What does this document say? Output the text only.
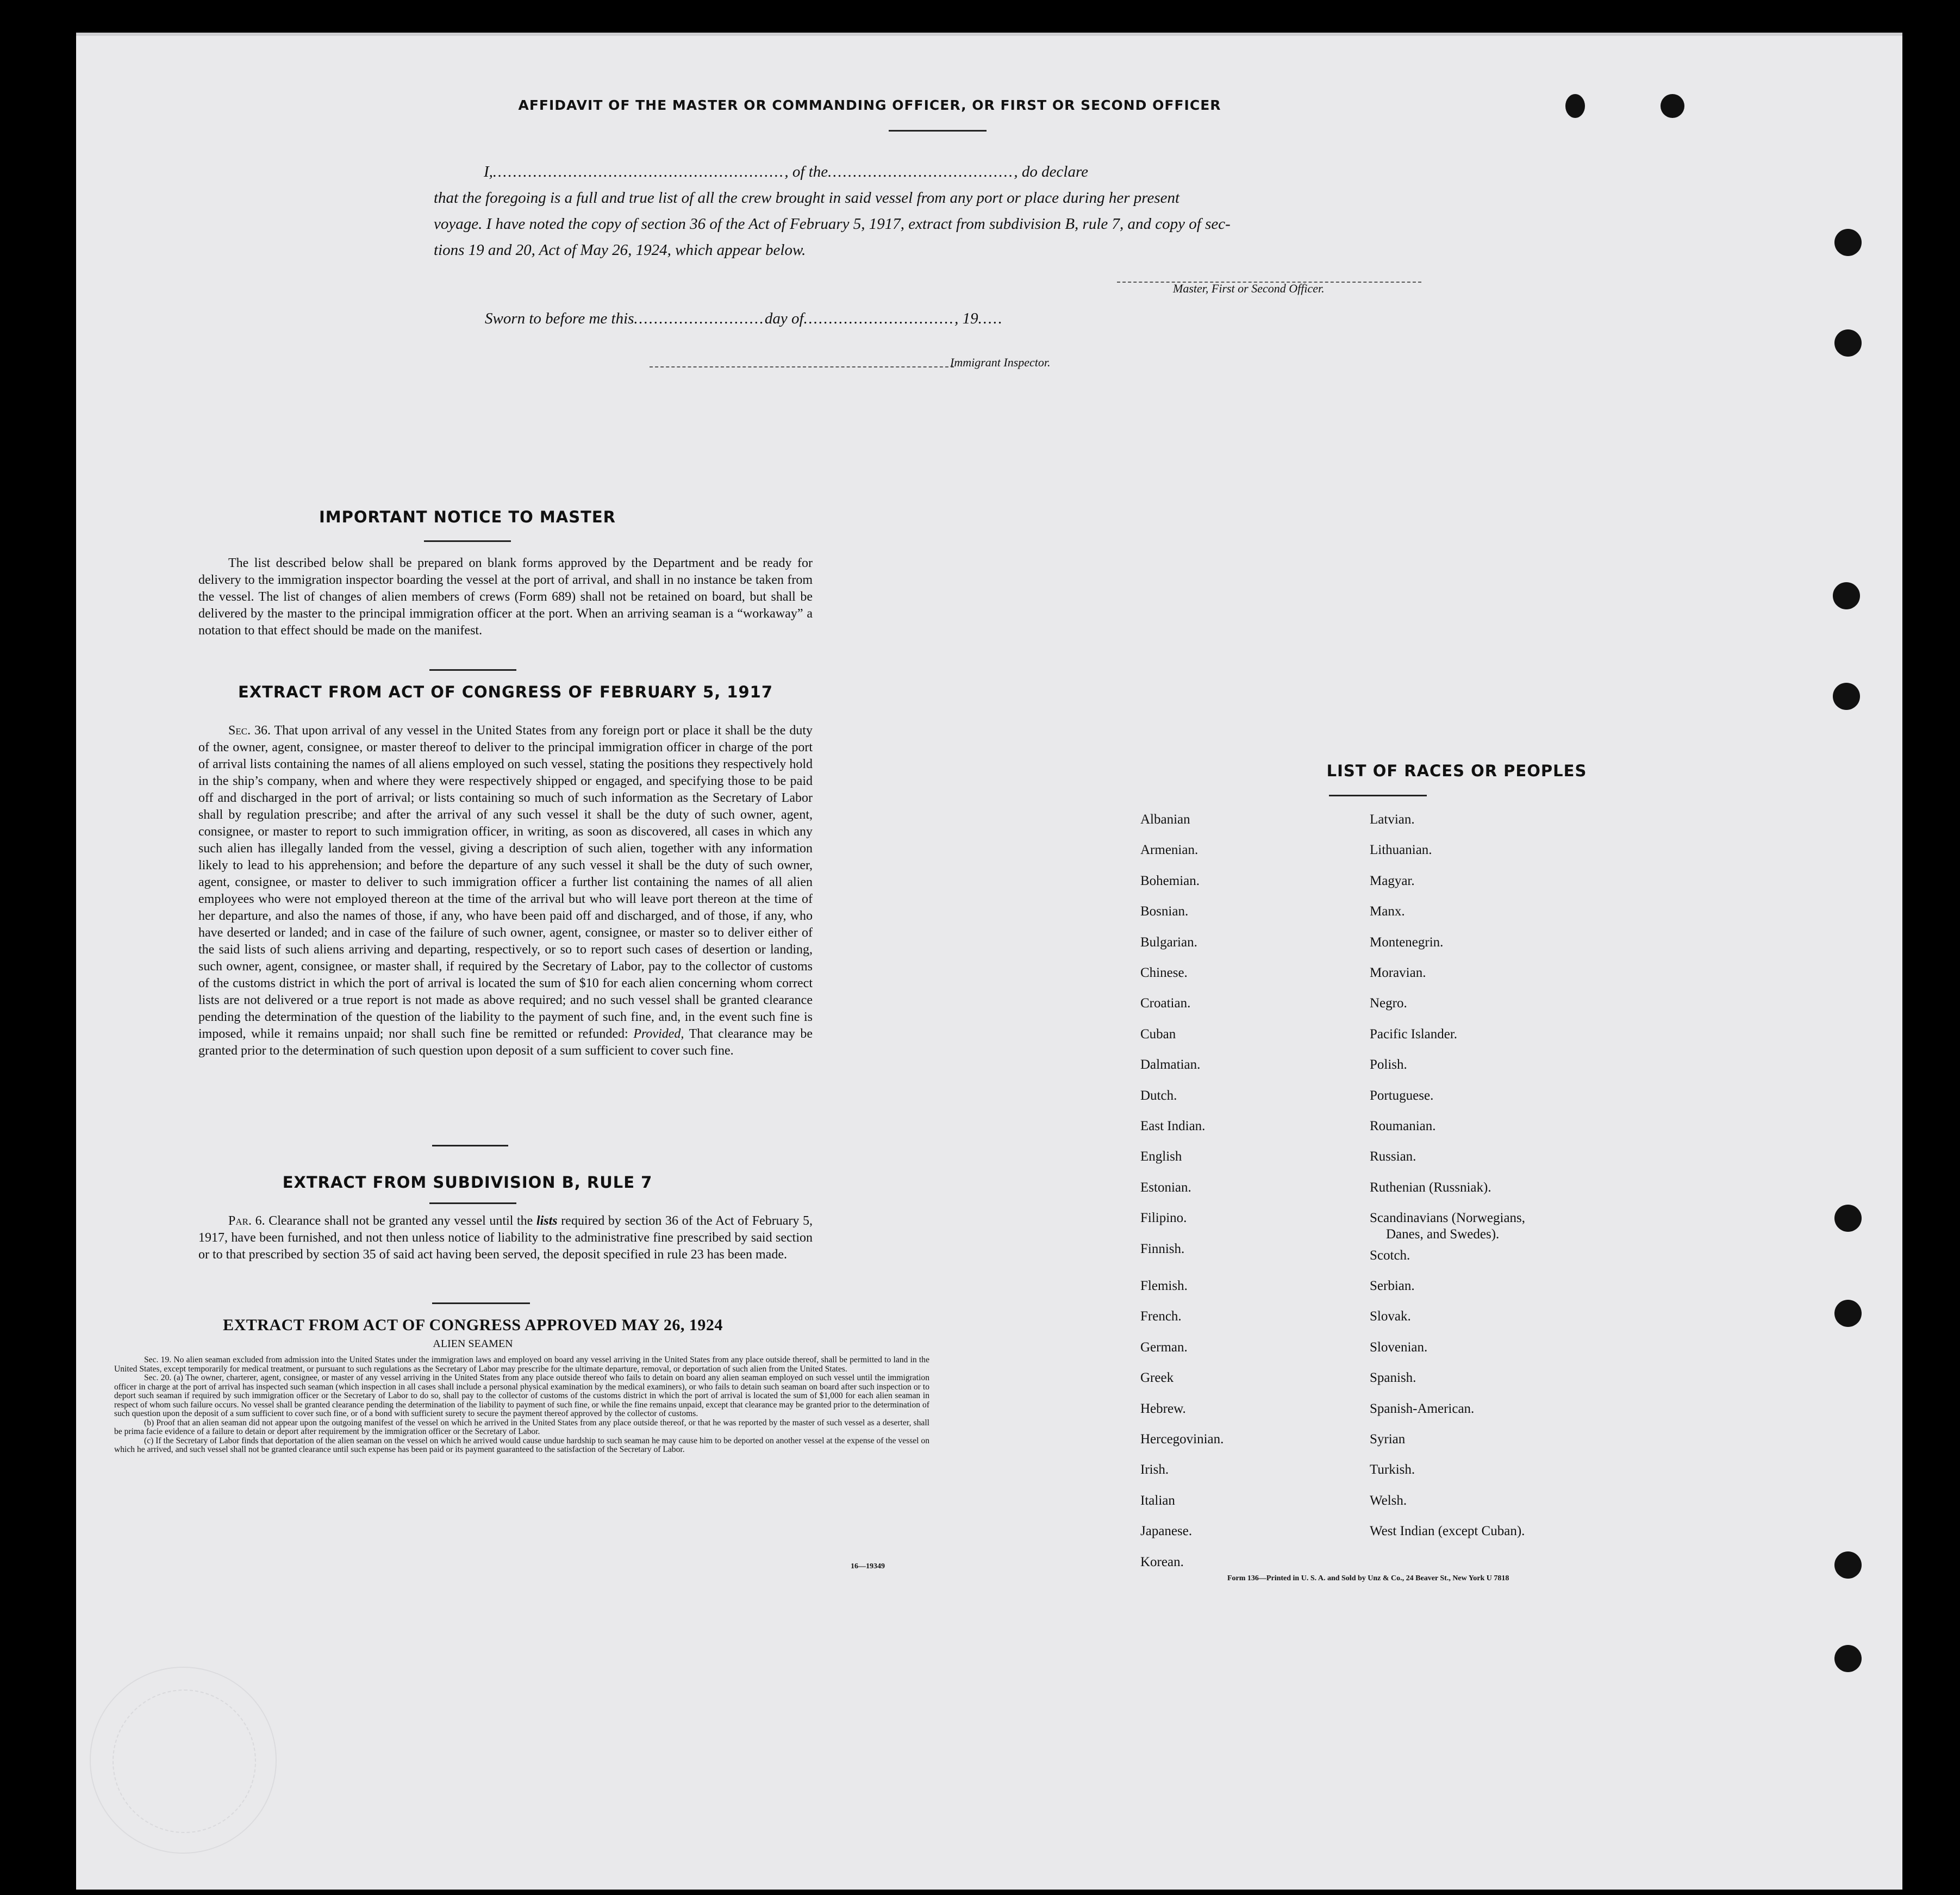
AFFIDAVIT OF THE MASTER OR COMMANDING OFFICER, OR FIRST OR SECOND OFFICER
I,.........................................................., of the....................................., do declare
that the foregoing is a full and true list of all the crew brought in said vessel from any port or place during her present
voyage. I have noted the copy of section 36 of the Act of February 5, 1917, extract from subdivision B, rule 7, and copy of sec-
tions 19 and 20, Act of May 26, 1924, which appear below.
Master, First or Second Officer.
Sworn to before me this..........................day of.............................., 19.....
Immigrant Inspector.
IMPORTANT NOTICE TO MASTER
The list described below shall be prepared on blank forms approved by the Department and be ready for delivery to the immigration inspector boarding the vessel at the port of arrival, and shall in no instance be taken from the vessel. The list of changes of alien members of crews (Form 689) shall not be retained on board, but shall be delivered by the master to the principal immigration officer at the port. When an arriving seaman is a “workaway” a notation to that effect should be made on the manifest.
EXTRACT FROM ACT OF CONGRESS OF FEBRUARY 5, 1917
Sec. 36. That upon arrival of any vessel in the United States from any foreign port or place it shall be the duty of the owner, agent, consignee, or master thereof to deliver to the principal immigration officer in charge of the port of arrival lists containing the names of all aliens employed on such vessel, stating the positions they respectively hold in the ship’s company, when and where they were respectively shipped or engaged, and specifying those to be paid off and discharged in the port of arrival; or lists containing so much of such information as the Secretary of Labor shall by regulation prescribe; and after the arrival of any such vessel it shall be the duty of such owner, agent, consignee, or master to report to such immigration officer, in writing, as soon as discovered, all cases in which any such alien has illegally landed from the vessel, giving a description of such alien, together with any information likely to lead to his apprehension; and before the departure of any such vessel it shall be the duty of such owner, agent, consignee, or master to deliver to such immigration officer a further list containing the names of all alien employees who were not employed thereon at the time of the arrival but who will leave port thereon at the time of her departure, and also the names of those, if any, who have been paid off and discharged, and of those, if any, who have deserted or landed; and in case of the failure of such owner, agent, consignee, or master so to deliver either of the said lists of such aliens arriving and departing, respectively, or so to report such cases of desertion or landing, such owner, agent, consignee, or master shall, if required by the Secretary of Labor, pay to the collector of customs of the customs district in which the port of arrival is located the sum of $10 for each alien concerning whom correct lists are not delivered or a true report is not made as above required; and no such vessel shall be granted clearance pending the determination of the question of the liability to the payment of such fine, and, in the event such fine is imposed, while it remains unpaid; nor shall such fine be remitted or refunded: Provided, That clearance may be granted prior to the determination of such question upon deposit of a sum sufficient to cover such fine.
EXTRACT FROM SUBDIVISION B, RULE 7
Par. 6. Clearance shall not be granted any vessel until the lists required by section 36 of the Act of February 5, 1917, have been furnished, and not then unless notice of liability to the administrative fine prescribed by said section or to that prescribed by section 35 of said act having been served, the deposit specified in rule 23 has been made.
EXTRACT FROM ACT OF CONGRESS APPROVED MAY 26, 1924
ALIEN SEAMEN
Sec. 19. No alien seaman excluded from admission into the United States under the immigration laws and employed on board any vessel arriving in the United States from any place outside thereof, shall be permitted to land in the United States, except temporarily for medical treatment, or pursuant to such regulations as the Secretary of Labor may prescribe for the ultimate departure, removal, or deportation of such alien from the United States.
Sec. 20. (a) The owner, charterer, agent, consignee, or master of any vessel arriving in the United States from any place outside thereof who fails to detain on board any alien seaman employed on such vessel until the immigration officer in charge at the port of arrival has inspected such seaman (which inspection in all cases shall include a personal physical examination by the medical examiners), or who fails to detain such seaman on board after such inspection or to deport such seaman if required by such immigration officer or the Secretary of Labor to do so, shall pay to the collector of customs of the customs district in which the port of arrival is located the sum of $1,000 for each alien seaman in respect of whom such failure occurs. No vessel shall be granted clearance pending the determination of the liability to payment of such fine, or while the fine remains unpaid, except that clearance may be granted prior to the determination of such question upon the deposit of a sum sufficient to cover such fine, or of a bond with sufficient surety to secure the payment thereof approved by the collector of customs.
(b) Proof that an alien seaman did not appear upon the outgoing manifest of the vessel on which he arrived in the United States from any place outside thereof, or that he was reported by the master of such vessel as a deserter, shall be prima facie evidence of a failure to detain or deport after requirement by the immigration officer or the Secretary of Labor.
(c) If the Secretary of Labor finds that deportation of the alien seaman on the vessel on which he arrived would cause undue hardship to such seaman he may cause him to be deported on another vessel at the expense of the vessel on which he arrived, and such vessel shall not be granted clearance until such expense has been paid or its payment guaranteed to the satisfaction of the Secretary of Labor.
16—19349
LIST OF RACES OR PEOPLES
Albanian
Armenian.
Bohemian.
Bosnian.
Bulgarian.
Chinese.
Croatian.
Cuban
Dalmatian.
Dutch.
East Indian.
English
Estonian.
Filipino.
Finnish.
Flemish.
French.
German.
Greek
Hebrew.
Hercegovinian.
Irish.
Italian
Japanese.
Korean.
Latvian.
Lithuanian.
Magyar.
Manx.
Montenegrin.
Moravian.
Negro.
Pacific Islander.
Polish.
Portuguese.
Roumanian.
Russian.
Ruthenian (Russniak).
Scandinavians (Norwegians,
Danes, and Swedes).
Scotch.
Serbian.
Slovak.
Slovenian.
Spanish.
Spanish-American.
Syrian
Turkish.
Welsh.
West Indian (except Cuban).
Form 136—Printed in U. S. A. and Sold by Unz & Co., 24 Beaver St., New York U 7818
